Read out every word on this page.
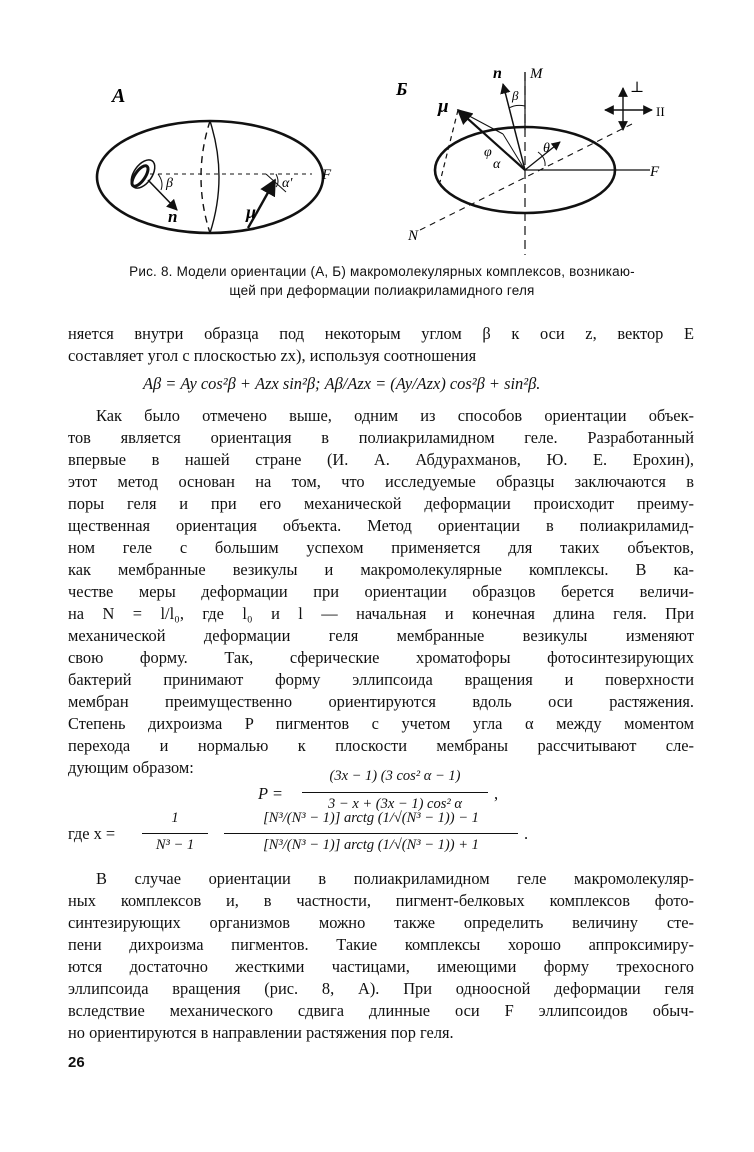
А
β
n	μ
α′
F
Б
M
F
N
n
β
μ
φ
α
θ
⊥
II
Рис. 8. Модели ориентации (А, Б) макромолекулярных комплексов, возникаю-
щей при деформации полиакриламидного геля
няется внутри образца под некоторым углом β к оси z, вектор E
составляет угол с плоскостью zx), используя соотношения
Aβ = Ay cos²β + Azx sin²β; Aβ/Azx = (Ay/Azx) cos²β + sin²β.
Как было отмечено выше, одним из способов ориентации объек-
тов является ориентация в полиакриламидном геле. Разработанный
впервые в нашей стране (И. А. Абдурахманов, Ю. Е. Ерохин),
этот метод основан на том, что исследуемые образцы заключаются в
поры геля и при его механической деформации происходит преиму-
щественная ориентация объекта. Метод ориентации в полиакриламид-
ном геле с большим успехом применяется для таких объектов,
как мембранные везикулы и макромолекулярные комплексы. В ка-
честве меры деформации при ориентации образцов берется величи-
на N = l/l₀, где l₀ и l — начальная и конечная длина геля. При
механической деформации геля мембранные везикулы изменяют
свою форму. Так, сферические хроматофоры фотосинтезирующих
бактерий принимают форму эллипсоида вращения и поверхности
мембран преимущественно ориентируются вдоль оси растяжения.
Степень дихроизма P пигментов с учетом угла α между моментом
перехода и нормалью к плоскости мембраны рассчитывают сле-
дующим образом:
P =
(3x − 1) (3 cos² α − 1)
3 − x + (3x − 1) cos² α
,
где x =
1
N³ − 1
[N³/(N³ − 1)] arctg (1/√(N³ − 1)) − 1
[N³/(N³ − 1)] arctg (1/√(N³ − 1)) + 1
.
В случае ориентации в полиакриламидном геле макромолекуляр-
ных комплексов и, в частности, пигмент-белковых комплексов фото-
синтезирующих организмов можно также определить величину сте-
пени дихроизма пигментов. Такие комплексы хорошо аппроксимиру-
ются достаточно жесткими частицами, имеющими форму трехосного
эллипсоида вращения (рис. 8, А). При одноосной деформации геля
вследствие механического сдвига длинные оси F эллипсоидов обыч-
но ориентируются в направлении растяжения пор геля.
26
